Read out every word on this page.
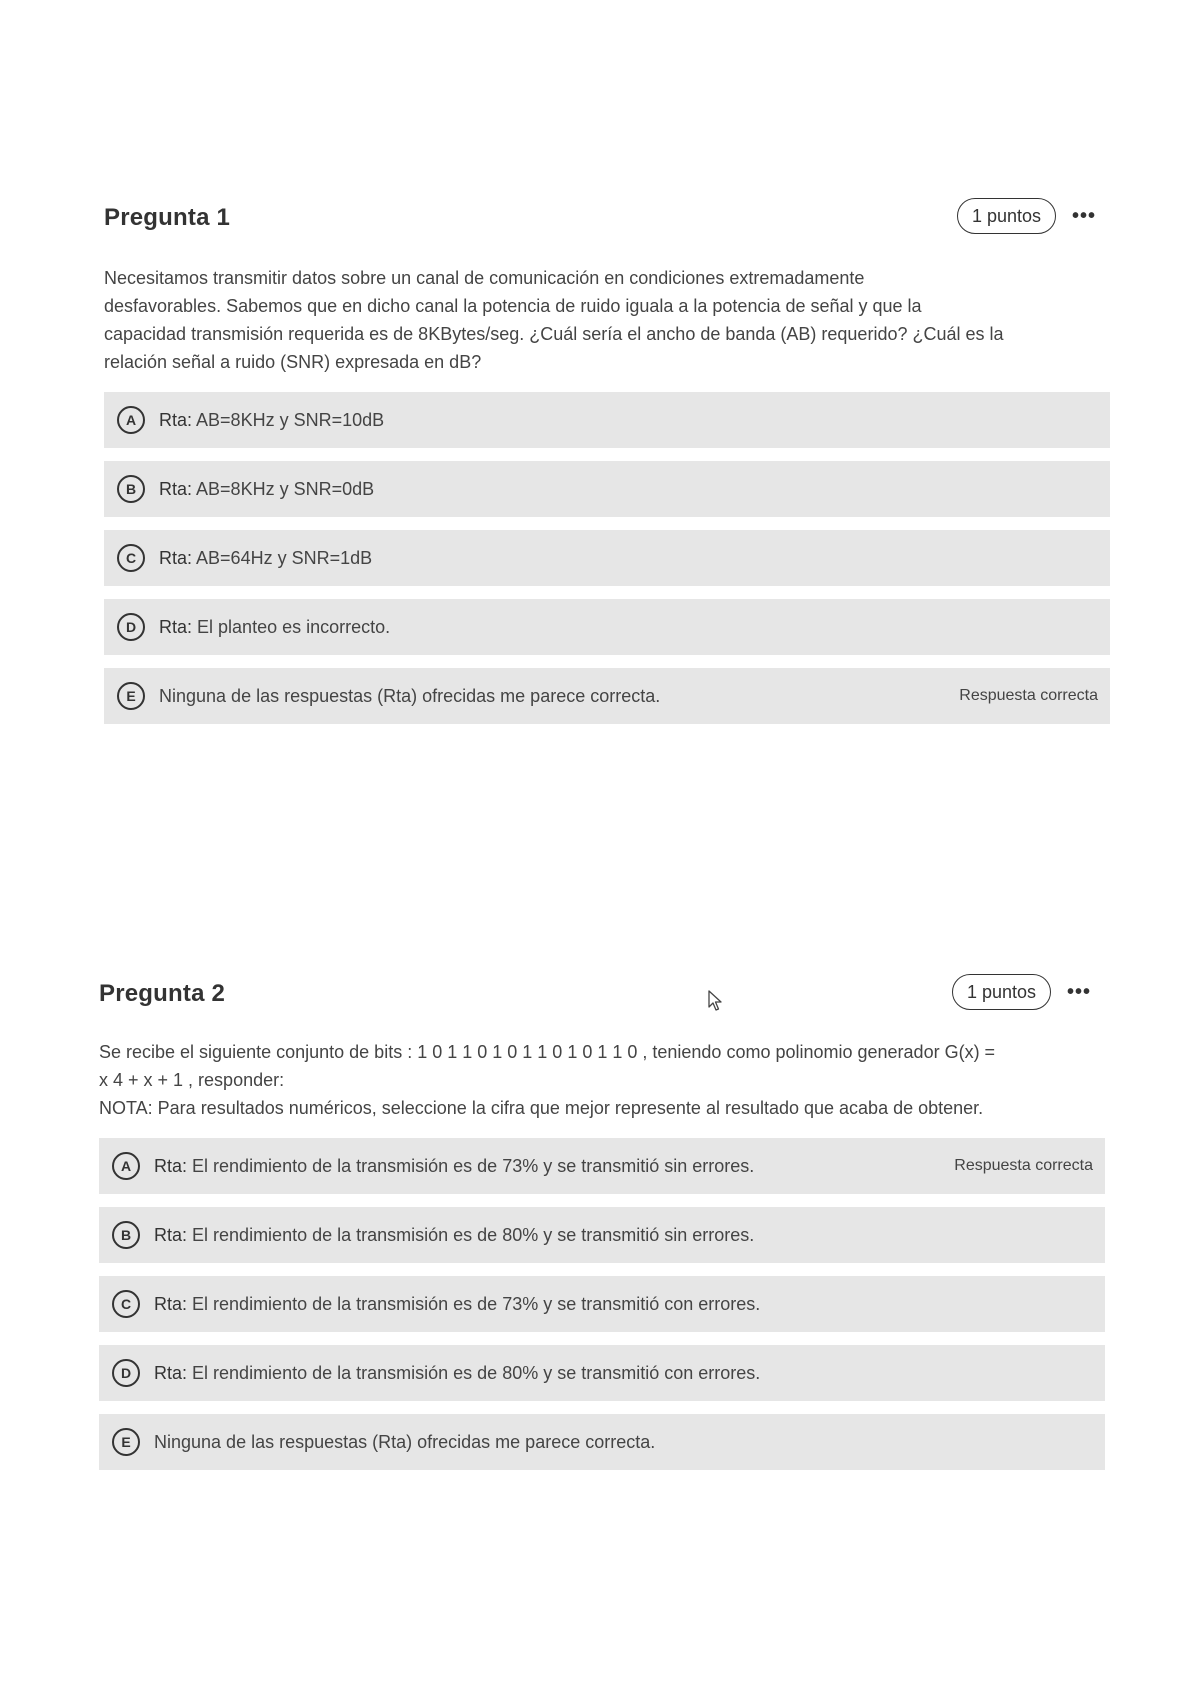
Pregunta 1	1 puntos	•••
Necesitamos transmitir datos sobre un canal de comunicación en condiciones extremadamente
desfavorables. Sabemos que en dicho canal la potencia de ruido iguala a la potencia de señal y que la
capacidad transmisión requerida es de 8KBytes/seg. ¿Cuál sería el ancho de banda (AB) requerido? ¿Cuál es la
relación señal a ruido (SNR) expresada en dB?
A	Rta: AB=8KHz y SNR=10dB
B	Rta: AB=8KHz y SNR=0dB
C	Rta: AB=64Hz y SNR=1dB
D	Rta: El planteo es incorrecto.
E	Ninguna de las respuestas (Rta) ofrecidas me parece correcta.	Respuesta correcta
Pregunta 2	1 puntos	•••
Se recibe el siguiente conjunto de bits : 1 0 1 1 0 1 0 1 1 0 1 0 1 1 0 , teniendo como polinomio generador G(x) =
x 4 + x + 1 , responder:
NOTA: Para resultados numéricos, seleccione la cifra que mejor represente al resultado que acaba de obtener.
A	Rta: El rendimiento de la transmisión es de 73% y se transmitió sin errores.	Respuesta correcta
B	Rta: El rendimiento de la transmisión es de 80% y se transmitió sin errores.
C	Rta: El rendimiento de la transmisión es de 73% y se transmitió con errores.
D	Rta: El rendimiento de la transmisión es de 80% y se transmitió con errores.
E	Ninguna de las respuestas (Rta) ofrecidas me parece correcta.
